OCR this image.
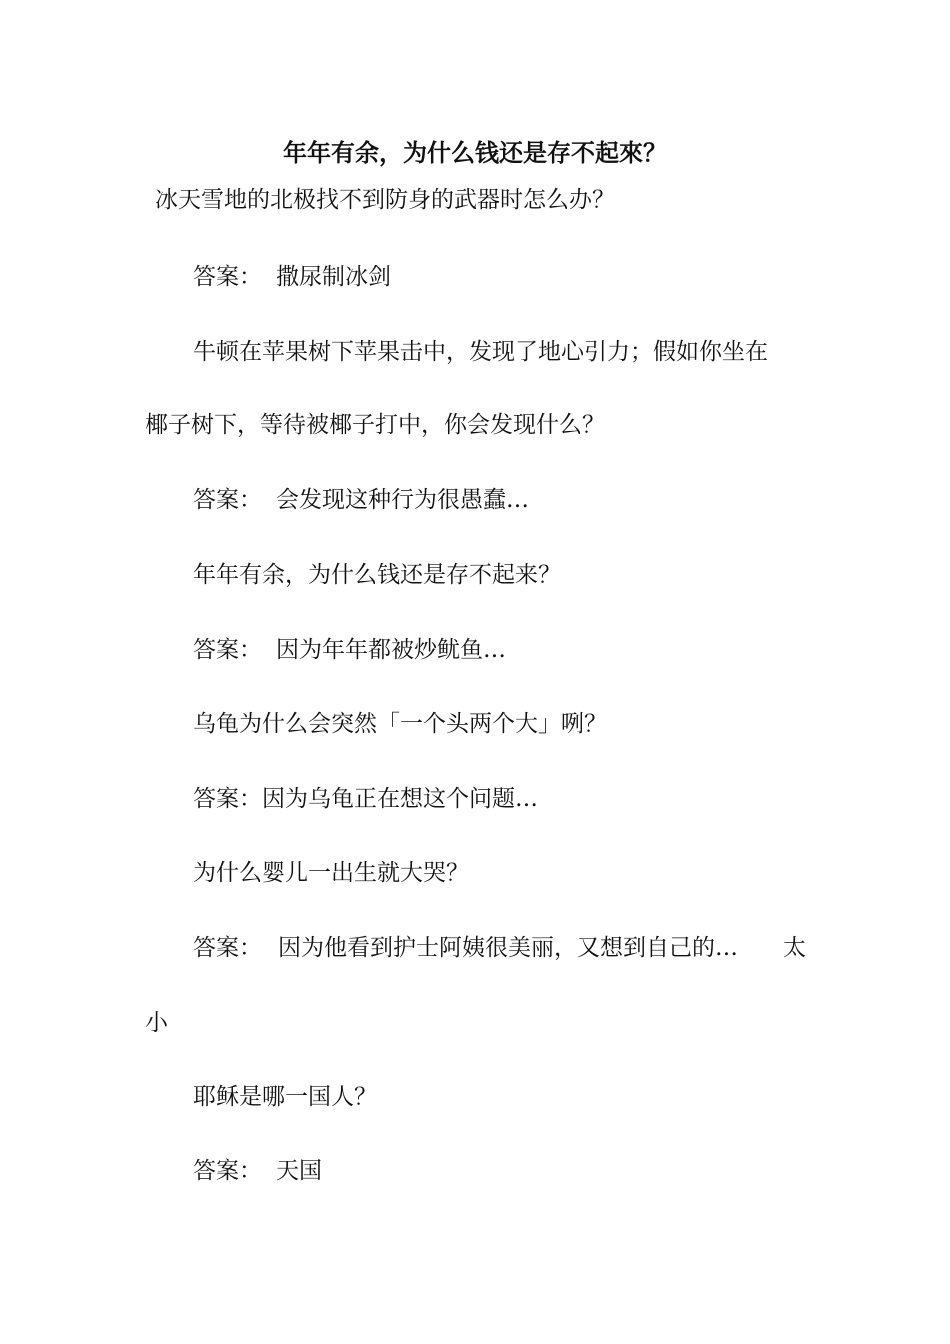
年年有余，为什么钱还是存不起來？
冰天雪地的北极找不到防身的武器时怎么办？
答案： 撒尿制冰剑
牛顿在苹果树下苹果击中，发现了地心引力；假如你坐在
椰子树下，等待被椰子打中，你会发现什么？
答案： 会发现这种行为很愚蠢…
年年有余，为什么钱还是存不起来？
答案： 因为年年都被炒鱿鱼…
乌龟为什么会突然「一个头两个大」咧？
答案：因为乌龟正在想这个问题…
为什么婴儿一出生就大哭？
答案： 因为他看到护士阿姨很美丽，又想到自己的… 太
小
耶稣是哪一国人？
答案： 天国
